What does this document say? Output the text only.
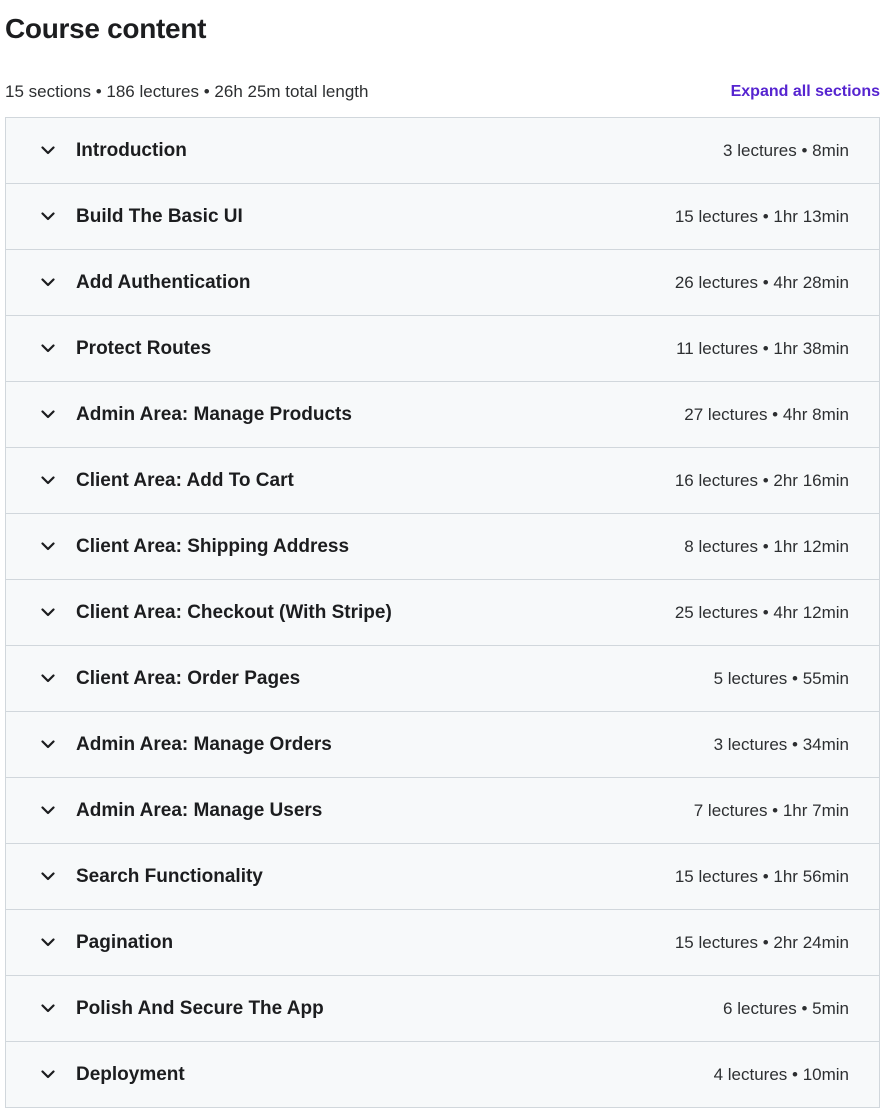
Course content
15 sections • 186 lectures • 26h 25m total length	Expand all sections
Introduction	3 lectures • 8min
Build The Basic UI	15 lectures • 1hr 13min
Add Authentication	26 lectures • 4hr 28min
Protect Routes	11 lectures • 1hr 38min
Admin Area: Manage Products	27 lectures • 4hr 8min
Client Area: Add To Cart	16 lectures • 2hr 16min
Client Area: Shipping Address	8 lectures • 1hr 12min
Client Area: Checkout (With Stripe)	25 lectures • 4hr 12min
Client Area: Order Pages	5 lectures • 55min
Admin Area: Manage Orders	3 lectures • 34min
Admin Area: Manage Users	7 lectures • 1hr 7min
Search Functionality	15 lectures • 1hr 56min
Pagination	15 lectures • 2hr 24min
Polish And Secure The App	6 lectures • 5min
Deployment	4 lectures • 10min
